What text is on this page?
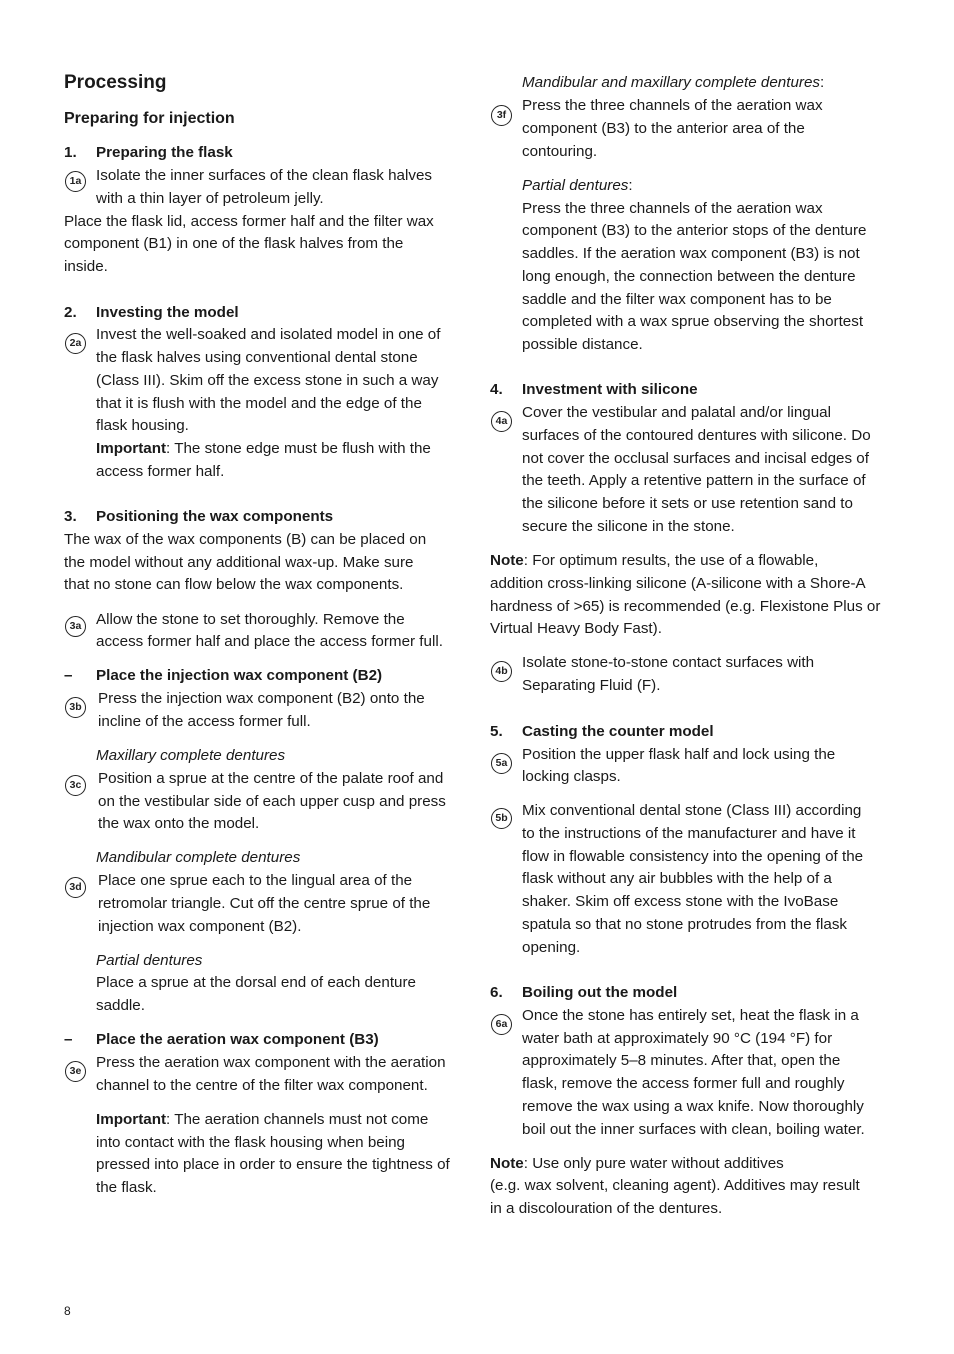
Processing
Preparing for injection
1. Preparing the flask
1a Isolate the inner surfaces of the clean flask halves
with a thin layer of petroleum jelly.
Place the flask lid, access former half and the filter wax
component (B1) in one of the flask halves from the
inside.
2. Investing the model
2a Invest the well-soaked and isolated model in one of
the flask halves using conventional dental stone
(Class III). Skim off the excess stone in such a way
that it is flush with the model and the edge of the
flask housing.
Important: The stone edge must be flush with the
access former half.
3. Positioning the wax components
The wax of the wax components (B) can be placed on
the model without any additional wax-up. Make sure
that no stone can flow below the wax components.
3a Allow the stone to set thoroughly. Remove the
access former half and place the access former full.
– Place the injection wax component (B2)
3b Press the injection wax component (B2) onto the
incline of the access former full.
Maxillary complete dentures
3c	Position a sprue at the centre of the palate roof and
on the vestibular side of each upper cusp and press
the wax onto the model.
Mandibular complete dentures
3d Place one sprue each to the lingual area of the
retromolar triangle. Cut off the centre sprue of the
injection wax component (B2).
Partial dentures
Place a sprue at the dorsal end of each denture
saddle.
– Place the aeration wax component (B3)
3e Press the aeration wax component with the aeration
channel to the centre of the filter wax component.
Important: The aeration channels must not come
into contact with the flask housing when being
pressed into place in order to ensure the tightness of
the flask.
Mandibular and maxillary complete dentures:
3f
Press the three channels of the aeration wax
component (B3) to the anterior area of the
contouring.
Partial dentures:
Press the three channels of the aeration wax
component (B3) to the anterior stops of the denture
saddles. If the aeration wax component (B3) is not
long enough, the connection between the denture
saddle and the filter wax component has to be
completed with a wax sprue observing the shortest
possible distance.
4. Investment with silicone
4a Cover the vestibular and palatal and/or lingual
surfaces of the contoured dentures with silicone. Do
not cover the occlusal surfaces and incisal edges of
the teeth. Apply a retentive pattern in the surface of
the silicone before it sets or use retention sand to
secure the silicone in the stone.
Note: For optimum results, the use of a flowable,
addition cross-linking silicone (A-silicone with a Shore-A
hardness of >65) is recommended (e.g. Flexistone Plus or
Virtual Heavy Body Fast).
4b Isolate stone-to-stone contact surfaces with
Separating Fluid (F).
5. Casting the counter model
5a Position the upper flask half and lock using the
locking clasps.
5b Mix conventional dental stone (Class III) according
to the instructions of the manufacturer and have it
flow in flowable consistency into the opening of the
flask without any air bubbles with the help of a
shaker. Skim off excess stone with the IvoBase
spatula so that no stone protrudes from the flask
opening.
6. Boiling out the model
6a Once the stone has entirely set, heat the flask in a
water bath at approximately 90 °C (194 °F) for
approximately 5–8 minutes. After that, open the
flask, remove the access former full and roughly
remove the wax using a wax knife. Now thoroughly
boil out the inner surfaces with clean, boiling water.
Note: Use only pure water without additives
(e.g. wax solvent, cleaning agent). Additives may result
in a discolouration of the dentures.
8
